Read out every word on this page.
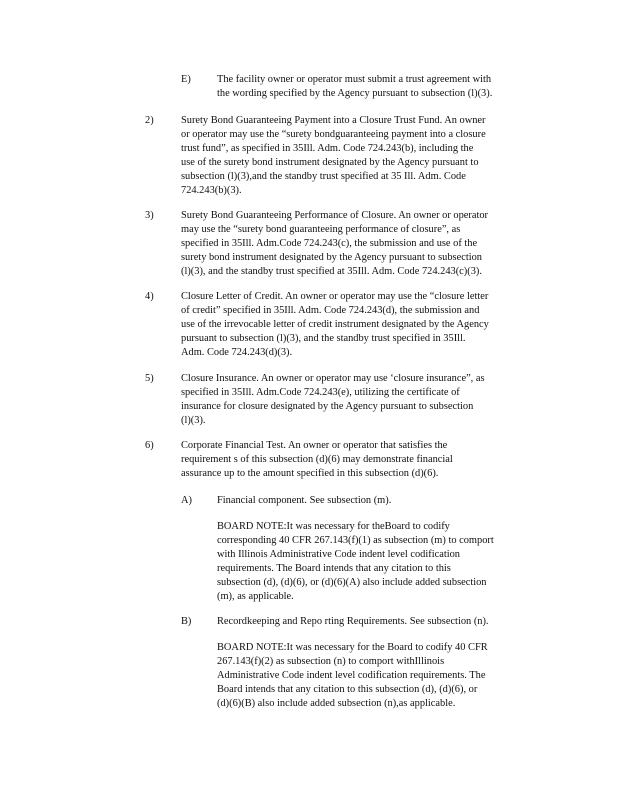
E)	The facility owner or operator must submit a trust agreement with
the wording specified by the Agency pursuant to subsection (l)(3).
2)	Surety Bond Guaranteeing Payment into a Closure Trust Fund. An owner
or operator may use the “surety bondguaranteeing payment into a closure
trust fund”, as specified in 35Ill. Adm. Code 724.243(b), including the
use of the surety bond instrument designated by the Agency pursuant to
subsection (l)(3),and the standby trust specified at 35 Ill. Adm. Code
724.243(b)(3).
3)	Surety Bond Guaranteeing Performance of Closure. An owner or operator
may use the “surety bond guaranteeing performance of closure”, as
specified in 35Ill. Adm.Code 724.243(c), the submission and use of the
surety bond instrument designated by the Agency pursuant to subsection
(l)(3), and the standby trust specified at 35Ill. Adm. Code 724.243(c)(3).
4)	Closure Letter of Credit. An owner or operator may use the “closure letter
of credit” specified in 35Ill. Adm. Code 724.243(d), the submission and
use of the irrevocable letter of credit instrument designated by the Agency
pursuant to subsection (l)(3), and the standby trust specified in 35Ill.
Adm. Code 724.243(d)(3).
5)	Closure Insurance. An owner or operator may use ‘closure insurance”, as
specified in 35Ill. Adm.Code 724.243(e), utilizing the certificate of
insurance for closure designated by the Agency pursuant to subsection
(l)(3).
6)	Corporate Financial Test. An owner or operator that satisfies the
requirement s of this subsection (d)(6) may demonstrate financial
assurance up to the amount specified in this subsection (d)(6).
A) Financial component. See subsection (m).
BOARD NOTE:It was necessary for theBoard to codify
corresponding 40 CFR 267.143(f)(1) as subsection (m) to comport
with Illinois Administrative Code indent level codification
requirements. The Board intends that any citation to this
subsection (d), (d)(6), or (d)(6)(A) also include added subsection
(m), as applicable.
B) Recordkeeping and Repo rting Requirements. See subsection (n).
BOARD NOTE:It was necessary for the Board to codify 40 CFR
267.143(f)(2) as subsection (n) to comport withIllinois
Administrative Code indent level codification requirements. The
Board intends that any citation to this subsection (d), (d)(6), or
(d)(6)(B) also include added subsection (n),as applicable.
